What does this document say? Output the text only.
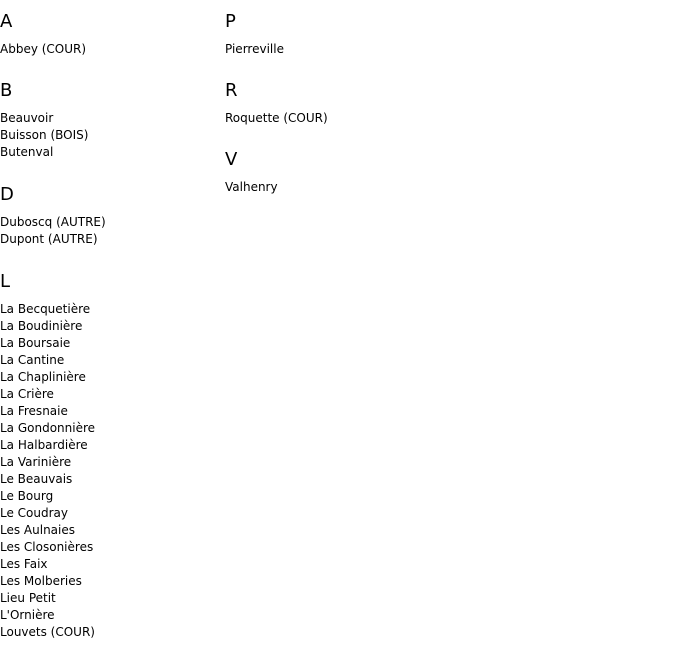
A
Abbey (COUR)
B
Beauvoir
Buisson (BOIS)
Butenval
D
Duboscq (AUTRE)
Dupont (AUTRE)
L
La Becquetière
La Boudinière
La Boursaie
La Cantine
La Chaplinière
La Crière
La Fresnaie
La Gondonnière
La Halbardière
La Varinière
Le Beauvais
Le Bourg
Le Coudray
Les Aulnaies
Les Closonières
Les Faix
Les Molberies
Lieu Petit
L'Ornière
Louvets (COUR)
P
Pierreville
R
Roquette (COUR)
V
Valhenry
